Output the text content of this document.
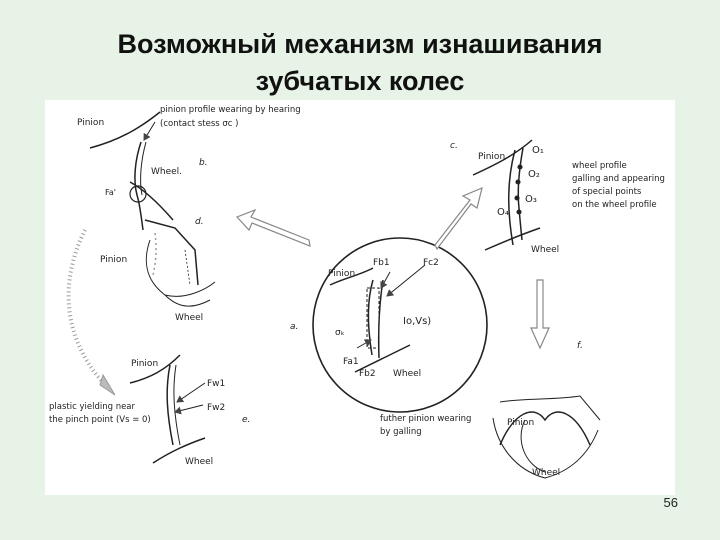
Возможный механизм изнашивания
зубчатых колес
Pinion
Wheel.
Fa'
b.
pinion profile wearing by hearing
(contact stess σc )
d.
Pinion
Wheel
Pinion
Fw1
Fw2
e.
plastic yielding near
the pinch point (Vs = 0)
Wheel
Pinion
Fb1	Fc2
Io,Vs)
σₖ
Fa1
Fb2 Wheel
a.
c.
Pinion
O₁
O₂
O₃
O₄
Wheel
wheel profile
galling and appearing
of special points
on the wheel profile
f.
futher pinion wearing
by galling
Pinion
Wheel
56
